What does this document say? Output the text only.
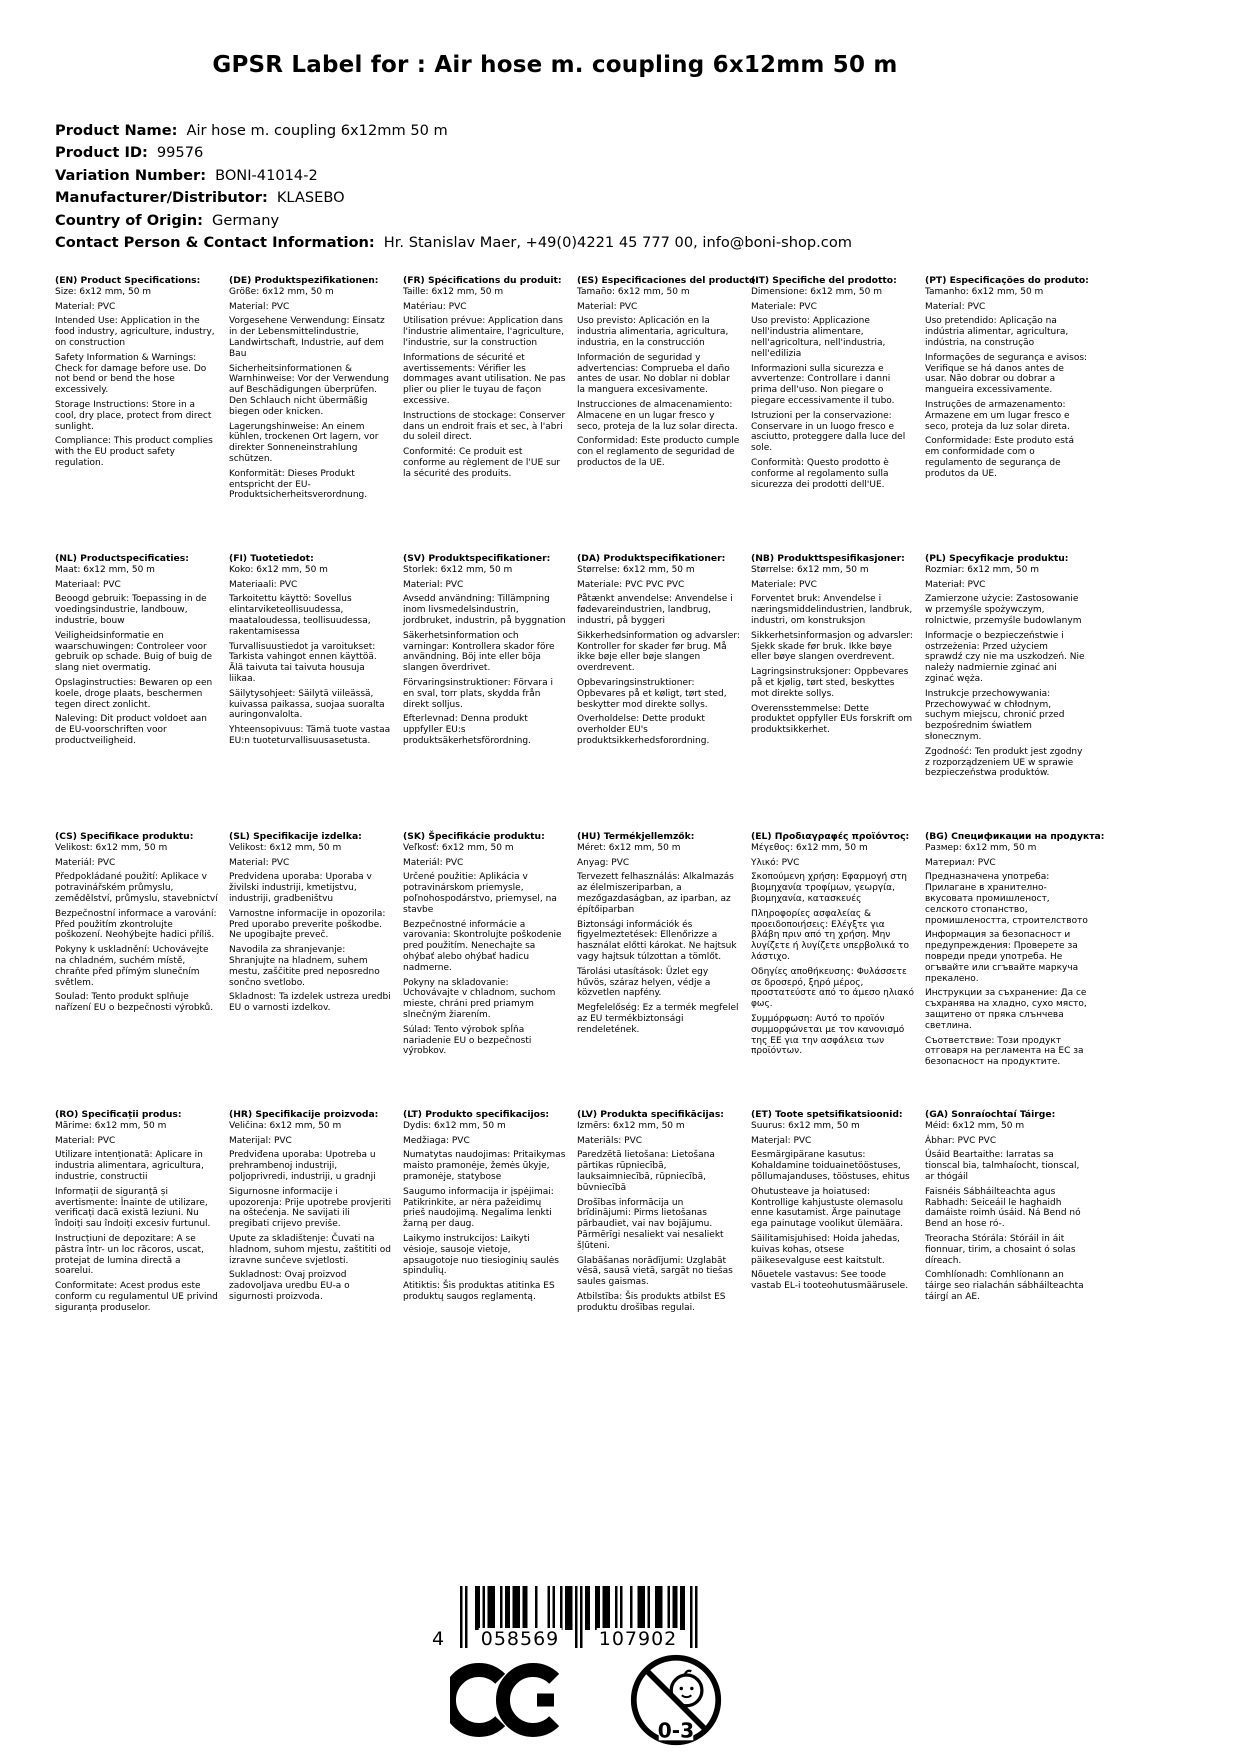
GPSR Label for : Air hose m. coupling 6x12mm 50 m
Product Name: Air hose m. coupling 6x12mm 50 m
Product ID: 99576
Variation Number: BONI-41014-2
Manufacturer/Distributor: KLASEBO
Country of Origin: Germany
Contact Person & Contact Information: Hr. Stanislav Maer, +49(0)4221 45 777 00, info@boni-shop.com
(EN) Product Specifications:

Size: 6x12 mm, 50 m

Material: PVC

Intended Use: Application in the food industry, agriculture, industry, on construction

Safety Information & Warnings: Check for damage before use. Do not bend or bend the hose excessively.

Storage Instructions: Store in a cool, dry place, protect from direct sunlight.

Compliance: This product complies with the EU product safety regulation.

(DE) Produktspezifikationen:

Größe: 6x12 mm, 50 m

Material: PVC

Vorgesehene Verwendung: Einsatz in der Lebensmittelindustrie, Landwirtschaft, Industrie, auf dem Bau

Sicherheitsinformationen & Warnhinweise: Vor der Verwendung auf Beschädigungen überprüfen. Den Schlauch nicht übermäßig biegen oder knicken.

Lagerungshinweise: An einem kühlen, trockenen Ort lagern, vor direkter Sonneneinstrahlung schützen.

Konformität: Dieses Produkt entspricht der EU-Produktsicherheitsverordnung.

(FR) Spécifications du produit:

Taille: 6x12 mm, 50 m

Matériau: PVC

Utilisation prévue: Application dans l'industrie alimentaire, l'agriculture, l'industrie, sur la construction

Informations de sécurité et avertissements: Vérifier les dommages avant utilisation. Ne pas plier ou plier le tuyau de façon excessive.

Instructions de stockage: Conserver dans un endroit frais et sec, à l'abri du soleil direct.

Conformité: Ce produit est conforme au règlement de l'UE sur la sécurité des produits.

(ES) Especificaciones del producto:

Tamaño: 6x12 mm, 50 m

Material: PVC

Uso previsto: Aplicación en la industria alimentaria, agricultura, industria, en la construcción

Información de seguridad y advertencias: Comprueba el daño antes de usar. No doblar ni doblar la manguera excesivamente.

Instrucciones de almacenamiento: Almacene en un lugar fresco y seco, proteja de la luz solar directa.

Conformidad: Este producto cumple con el reglamento de seguridad de productos de la UE.

(IT) Specifiche del prodotto:

Dimensione: 6x12 mm, 50 m

Materiale: PVC

Uso previsto: Applicazione nell'industria alimentare, nell'agricoltura, nell'industria, nell'edilizia

Informazioni sulla sicurezza e avvertenze: Controllare i danni prima dell'uso. Non piegare o piegare eccessivamente il tubo.

Istruzioni per la conservazione: Conservare in un luogo fresco e asciutto, proteggere dalla luce del sole.

Conformità: Questo prodotto è conforme al regolamento sulla sicurezza dei prodotti dell'UE.

(PT) Especificações do produto:

Tamanho: 6x12 mm, 50 m

Material: PVC

Uso pretendido: Aplicação na indústria alimentar, agricultura, indústria, na construção

Informações de segurança e avisos: Verifique se há danos antes de usar. Não dobrar ou dobrar a mangueira excessivamente.

Instruções de armazenamento: Armazene em um lugar fresco e seco, proteja da luz solar direta.

Conformidade: Este produto está em conformidade com o regulamento de segurança de produtos da UE.

(NL) Productspecificaties:

Maat: 6x12 mm, 50 m

Materiaal: PVC

Beoogd gebruik: Toepassing in de voedingsindustrie, landbouw, industrie, bouw

Veiligheidsinformatie en waarschuwingen: Controleer voor gebruik op schade. Buig of buig de slang niet overmatig.

Opslaginstructies: Bewaren op een koele, droge plaats, beschermen tegen direct zonlicht.

Naleving: Dit product voldoet aan de EU-voorschriften voor productveiligheid.

(FI) Tuotetiedot:

Koko: 6x12 mm, 50 m

Materiaali: PVC

Tarkoitettu käyttö: Sovellus elintarviketeollisuudessa, maataloudessa, teollisuudessa, rakentamisessa

Turvallisuustiedot ja varoitukset: Tarkista vahingot ennen käyttöä. Älä taivuta tai taivuta housuja liikaa.

Säilytysohjeet: Säilytä viileässä, kuivassa paikassa, suojaa suoralta auringonvalolta.

Yhteensopivuus: Tämä tuote vastaa EU:n tuoteturvallisuusasetusta.

(SV) Produktspecifikationer:

Storlek: 6x12 mm, 50 m

Material: PVC

Avsedd användning: Tillämpning inom livsmedelsindustrin, jordbruket, industrin, på byggnation

Säkerhetsinformation och varningar: Kontrollera skador före användning. Böj inte eller böja slangen överdrivet.

Förvaringsinstruktioner: Förvara i en sval, torr plats, skydda från direkt solljus.

Efterlevnad: Denna produkt uppfyller EU:s produktsäkerhetsförordning.

(DA) Produktspecifikationer:

Størrelse: 6x12 mm, 50 m

Materiale: PVC PVC PVC

Påtænkt anvendelse: Anvendelse i fødevareindustrien, landbrug, industri, på byggeri

Sikkerhedsinformation og advarsler: Kontroller for skader før brug. Må ikke bøje eller bøje slangen overdrevent.

Opbevaringsinstruktioner: Opbevares på et køligt, tørt sted, beskytter mod direkte sollys.

Overholdelse: Dette produkt overholder EU's produktsikkerhedsforordning.

(NB) Produkttspesifikasjoner:

Størrelse: 6x12 mm, 50 m

Materiale: PVC

Forventet bruk: Anvendelse i næringsmiddelindustrien, landbruk, industri, om konstruksjon

Sikkerhetsinformasjon og advarsler: Sjekk skade før bruk. Ikke bøye eller bøye slangen overdrevent.

Lagringsinstruksjoner: Oppbevares på et kjølig, tørt sted, beskyttes mot direkte sollys.

Overensstemmelse: Dette produktet oppfyller EUs forskrift om produktsikkerhet.

(PL) Specyfikacje produktu:

Rozmiar: 6x12 mm, 50 m

Materiał: PVC

Zamierzone użycie: Zastosowanie w przemyśle spożywczym, rolnictwie, przemyśle budowlanym

Informacje o bezpieczeństwie i ostrzeżenia: Przed użyciem sprawdź czy nie ma uszkodzeń. Nie należy nadmiernie zginać ani zginać węża.

Instrukcje przechowywania: Przechowywać w chłodnym, suchym miejscu, chronić przed bezpośrednim światłem słonecznym.

Zgodność: Ten produkt jest zgodny z rozporządzeniem UE w sprawie bezpieczeństwa produktów.

(CS) Specifikace produktu:

Velikost: 6x12 mm, 50 m

Materiál: PVC

Předpokládané použití: Aplikace v potravinářském průmyslu, zemědělství, průmyslu, stavebnictví

Bezpečnostní informace a varování: Před použitím zkontrolujte poškození. Neohýbejte hadici příliš.

Pokyny k uskladnění: Uchovávejte na chladném, suchém místě, chraňte před přímým slunečním světlem.

Soulad: Tento produkt splňuje nařízení EU o bezpečnosti výrobků.

(SL) Specifikacije izdelka:

Velikost: 6x12 mm, 50 m

Material: PVC

Predvidena uporaba: Uporaba v živilski industriji, kmetijstvu, industriji, gradbeništvu

Varnostne informacije in opozorila: Pred uporabo preverite poškodbe. Ne upogibajte preveč.

Navodila za shranjevanje: Shranjujte na hladnem, suhem mestu, zaščitite pred neposredno sončno svetlobo.

Skladnost: Ta izdelek ustreza uredbi EU o varnosti izdelkov.

(SK) Špecifikácie produktu:

Veľkosť: 6x12 mm, 50 m

Materiál: PVC

Určené použitie: Aplikácia v potravinárskom priemysle, poľnohospodárstvo, priemysel, na stavbe

Bezpečnostné informácie a varovania: Skontrolujte poškodenie pred použitím. Nenechajte sa ohýbať alebo ohýbať hadicu nadmerne.

Pokyny na skladovanie: Uchovávajte v chladnom, suchom mieste, chráni pred priamym slnečným žiarením.

Súlad: Tento výrobok spĺňa nariadenie EU o bezpečnosti výrobkov.

(HU) Termékjellemzők:

Méret: 6x12 mm, 50 m

Anyag: PVC

Tervezett felhasználás: Alkalmazás az élelmiszeriparban, a mezőgazdaságban, az iparban, az építőiparban

Biztonsági információk és figyelmeztetések: Ellenőrizze a használat előtti károkat. Ne hajtsuk vagy hajtsuk túlzottan a tömlőt.

Tárolási utasítások: Üzlet egy hűvös, száraz helyen, védje a közvetlen napfény.

Megfelelőség: Ez a termék megfelel az EU termékbiztonsági rendeletének.

(EL) Προδιαγραφές προϊόντος:

Μέγεθος: 6x12 mm, 50 m

Υλικό: PVC

Σκοπούμενη χρήση: Εφαρμογή στη βιομηχανία τροφίμων, γεωργία, βιομηχανία, κατασκευές

Πληροφορίες ασφαλείας & προειδοποιήσεις: Ελέγξτε για βλάβη πριν από τη χρήση. Μην λυγίζετε ή λυγίζετε υπερβολικά το λάστιχο.

Οδηγίες αποθήκευσης: Φυλάσσετε σε δροσερό, ξηρό μέρος, προστατεύστε από το άμεσο ηλιακό φως.

Συμμόρφωση: Αυτό το προϊόν συμμορφώνεται με τον κανονισμό της ΕΕ για την ασφάλεια των προϊόντων.

(BG) Спецификации на продукта:

Размер: 6x12 mm, 50 m

Материал: PVC

Предназначена употреба: Прилагане в хранително-вкусовата промишленост, селското стопанство, промишлеността, строителството

Информация за безопасност и предупреждения: Проверете за повреди преди употреба. Не огъвайте или сгъвайте маркуча прекалено.

Инструкции за съхранение: Да се съхранява на хладно, сухо място, защитено от пряка слънчева светлина.

Съответствие: Този продукт отговаря на регламента на ЕС за безопасност на продуктите.

(RO) Specificații produs:

Mărime: 6x12 mm, 50 m

Material: PVC

Utilizare intenționată: Aplicare in industria alimentara, agricultura, industrie, constructii

Informații de siguranță și avertismente: Înainte de utilizare, verificați dacă există leziuni. Nu îndoiți sau îndoiți excesiv furtunul.

Instrucțiuni de depozitare: A se păstra într- un loc răcoros, uscat, protejat de lumina directă a soarelui.

Conformitate: Acest produs este conform cu regulamentul UE privind siguranța produselor.

(HR) Specifikacije proizvoda:

Veličina: 6x12 mm, 50 m

Materijal: PVC

Predviđena uporaba: Upotreba u prehrambenoj industriji, poljoprivredi, industriji, u gradnji

Sigurnosne informacije i upozorenja: Prije upotrebe provjeriti na oštećenja. Ne savijati ili pregibati crijevo previše.

Upute za skladištenje: Čuvati na hladnom, suhom mjestu, zaštititi od izravne sunčeve svjetlosti.

Sukladnost: Ovaj proizvod zadovoljava uredbu EU-a o sigurnosti proizvoda.

(LT) Produkto specifikacijos:

Dydis: 6x12 mm, 50 m

Medžiaga: PVC

Numatytas naudojimas: Pritaikymas maisto pramonėje, žemės ūkyje, pramonėje, statybose

Saugumo informacija ir įspėjimai: Patikrinkite, ar nėra pažeidimų prieš naudojimą. Negalima lenkti žarną per daug.

Laikymo instrukcijos: Laikyti vėsioje, sausoje vietoje, apsaugotoje nuo tiesioginių saulės spindulių.

Atitiktis: Šis produktas atitinka ES produktų saugos reglamentą.

(LV) Produkta specifikācijas:

Izmērs: 6x12 mm, 50 m

Materiāls: PVC

Paredzētā lietošana: Lietošana pārtikas rūpniecībā, lauksaimniecībā, rūpniecībā, būvniecībā

Drošības informācija un brīdinājumi: Pirms lietošanas pārbaudiet, vai nav bojājumu. Pārmērīgi nesaliekt vai nesaliekt šļūteni.

Glabāšanas norādījumi: Uzglabāt vēsā, sausā vietā, sargāt no tiešas saules gaismas.

Atbilstība: Šis produkts atbilst ES produktu drošības regulai.

(ET) Toote spetsifikatsioonid:

Suurus: 6x12 mm, 50 m

Materjal: PVC

Eesmärgipärane kasutus: Kohaldamine toiduainetööstuses, põllumajanduses, tööstuses, ehitus

Ohutusteave ja hoiatused: Kontrollige kahjustuste olemasolu enne kasutamist. Ärge painutage ega painutage voolikut ülemäära.

Säilitamisjuhised: Hoida jahedas, kuivas kohas, otsese päikesevalguse eest kaitstult.

Nõuetele vastavus: See toode vastab EL-i tooteohutusmäärusele.

(GA) Sonraíochtaí Táirge:

Méid: 6x12 mm, 50 m

Ábhar: PVC PVC

Úsáid Beartaithe: Iarratas sa tionscal bia, talmhaíocht, tionscal, ar thógáil

Faisnéis Sábháilteachta agus Rabhadh: Seiceáil le haghaidh damáiste roimh úsáid. Ná Bend nó Bend an hose ró-.

Treoracha Stórála: Stóráil in áit fionnuar, tirim, a chosaint ó solas díreach.

Comhlíonadh: Comhlíonann an táirge seo rialachán sábháilteachta táirgí an AE.

4 058569 107902
0-3
